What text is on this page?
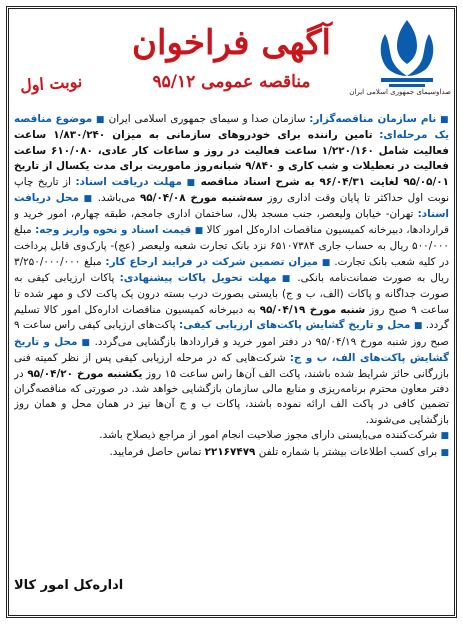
صداوسیمای جمهوری اسلامی ایران
آگهی فراخوان
مناقصه عمومی ۹۵/۱۲
نوبت اول

■ نام سازمان مناقصه‌گزار: سازمان صدا و سیمای جمهوری اسلامی ایران ■ موضوع مناقصه یک مرحله‌ای: تامین راننده برای خودروهای سازمانی به میزان ۱/۸۳۰/۲۴۰ ساعت فعالیت شامل ۱/۲۲۰/۱۶۰ ساعت فعالیت در روز و ساعات کار عادی، ۶۱۰/۰۸۰ ساعت فعالیت در تعطیلات و شب کاری و ۹/۸۴۰ شبانه‌روز ماموریت برای مدت یکسال از تاریخ ۹۵/۰۵/۰۱ لغایت ۹۶/۰۴/۳۱ به شرح اسناد مناقصه ■ مهلت دریافت اسناد: از تاریخ چاپ نوبت اول حداکثر تا پایان وقت اداری روز سه‌شنبه مورخ ۹۵/۰۴/۰۸ می‌باشد. ■ محل دریافت اسناد: تهران- خیابان ولیعصر، جنب مسجد بلال، ساختمان اداری جامجم، طبقه چهارم، امور خرید و قراردادها، دبیرخانه کمیسیون مناقصات اداره‌کل امور کالا ■ قیمت اسناد و نحوه واریز وجه: مبلغ ۵۰۰/۰۰۰ ریال به حساب جاری ۶۵۱۰۷۳۸۴ نزد بانک تجارت شعبه ولیعصر (عج)- پارک‌وی قابل پرداخت در کلیه شعب بانک تجارت. ■ میزان تضمین شرکت در فرایند ارجاع کار: مبلغ ۳/۲۵۰/۰۰۰/۰۰۰ ریال به صورت ضمانت‌نامه بانکی. ■ مهلت تحویل پاکات پیشنهادی: پاکات ارزیابی کیفی به صورت جداگانه و پاکات (الف، ب و ج) بایستی بصورت درب بسته درون یک پاکت لاک و مهر شده تا ساعت ۹ صبح روز شنبه مورخ ۹۵/۰۴/۱۹ به دبیرخانه کمیسیون مناقصات اداره‌کل امور کالا تسلیم گردد. ■ محل و تاریخ گشایش پاکت‌های ارزیابی کیفی: پاکت‌های ارزیابی کیفی راس ساعت ۹ صبح روز شنبه مورخ ۹۵/۰۴/۱۹ در دفتر امور خرید و قراردادها بازگشایی می‌گردد. ■ محل و تاریخ گشایش پاکت‌های الف، ب و ج: شرکت‌هایی که در مرحله ارزیابی کیفی پس از نظر کمیته فنی بازرگانی حائز شرایط شده باشند، پاکت الف آن‌ها راس ساعت ۱۵ روز یکشنبه مورخ ۹۵/۰۴/۲۰ در دفتر معاون محترم برنامه‌ریزی و منابع مالی سازمان بازگشایی خواهد شد. در صورتی که مناقصه‌گران تضمین کافی در پاکت الف ارائه نموده باشند، پاکات ب و ج آن‌ها نیز در همان محل و همان روز بازگشایی می‌شوند.

■ شرکت‌کننده می‌بایستی دارای مجوز صلاحیت انجام امور از مراجع ذیصلاح باشد.

■ برای کسب اطلاعات بیشتر با شماره تلفن ۲۲۱۶۷۴۷۹ تماس حاصل فرمایید.

اداره‌کل امور کالا
